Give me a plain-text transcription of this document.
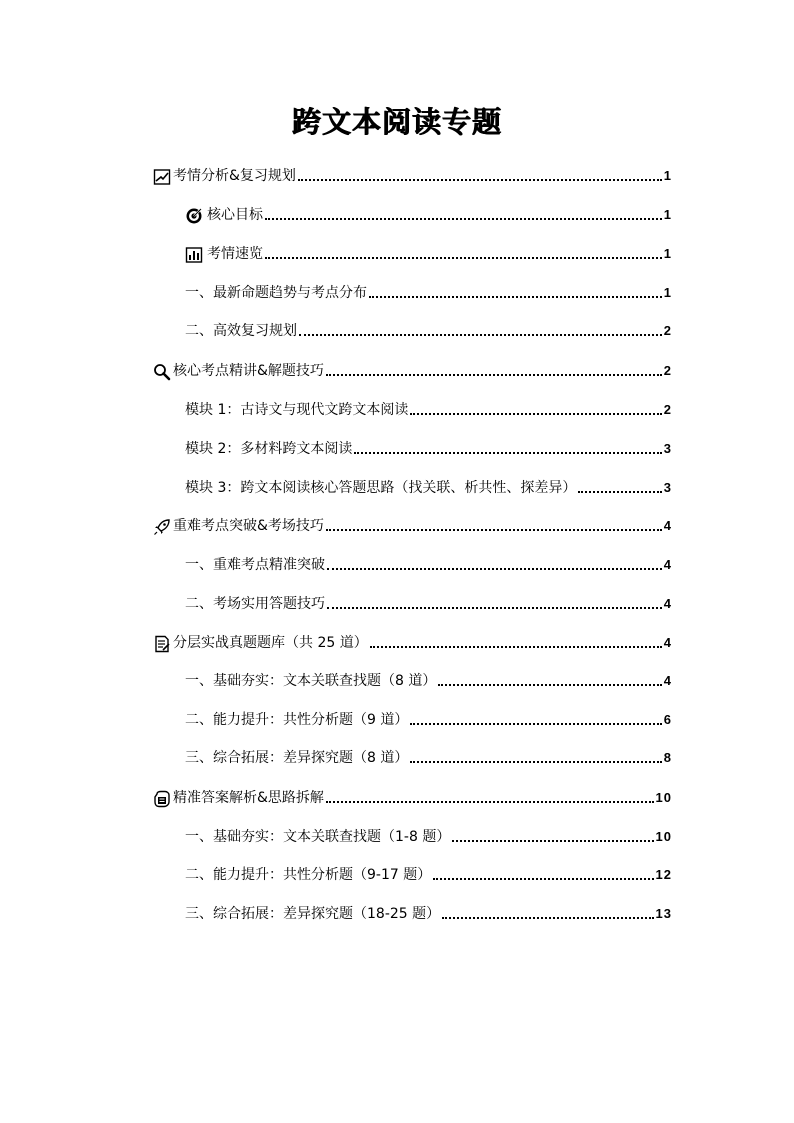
跨文本阅读专题
考情分析&复习规划	1
核心目标	1
考情速览	1
一、最新命题趋势与考点分布	1
二、高效复习规划	2
核心考点精讲&解题技巧	2
模块 1：古诗文与现代文跨文本阅读	2
模块 2：多材料跨文本阅读	3
模块 3：跨文本阅读核心答题思路（找关联、析共性、探差异）	3
重难考点突破&考场技巧	4
一、重难考点精准突破	4
二、考场实用答题技巧	4
分层实战真题题库（共 25 道）	4
一、基础夯实：文本关联查找题（8 道）	4
二、能力提升：共性分析题（9 道）	6
三、综合拓展：差异探究题（8 道）	8
精准答案解析&思路拆解	10
一、基础夯实：文本关联查找题（1-8 题）	10
二、能力提升：共性分析题（9-17 题）	12
三、综合拓展：差异探究题（18-25 题）	13
